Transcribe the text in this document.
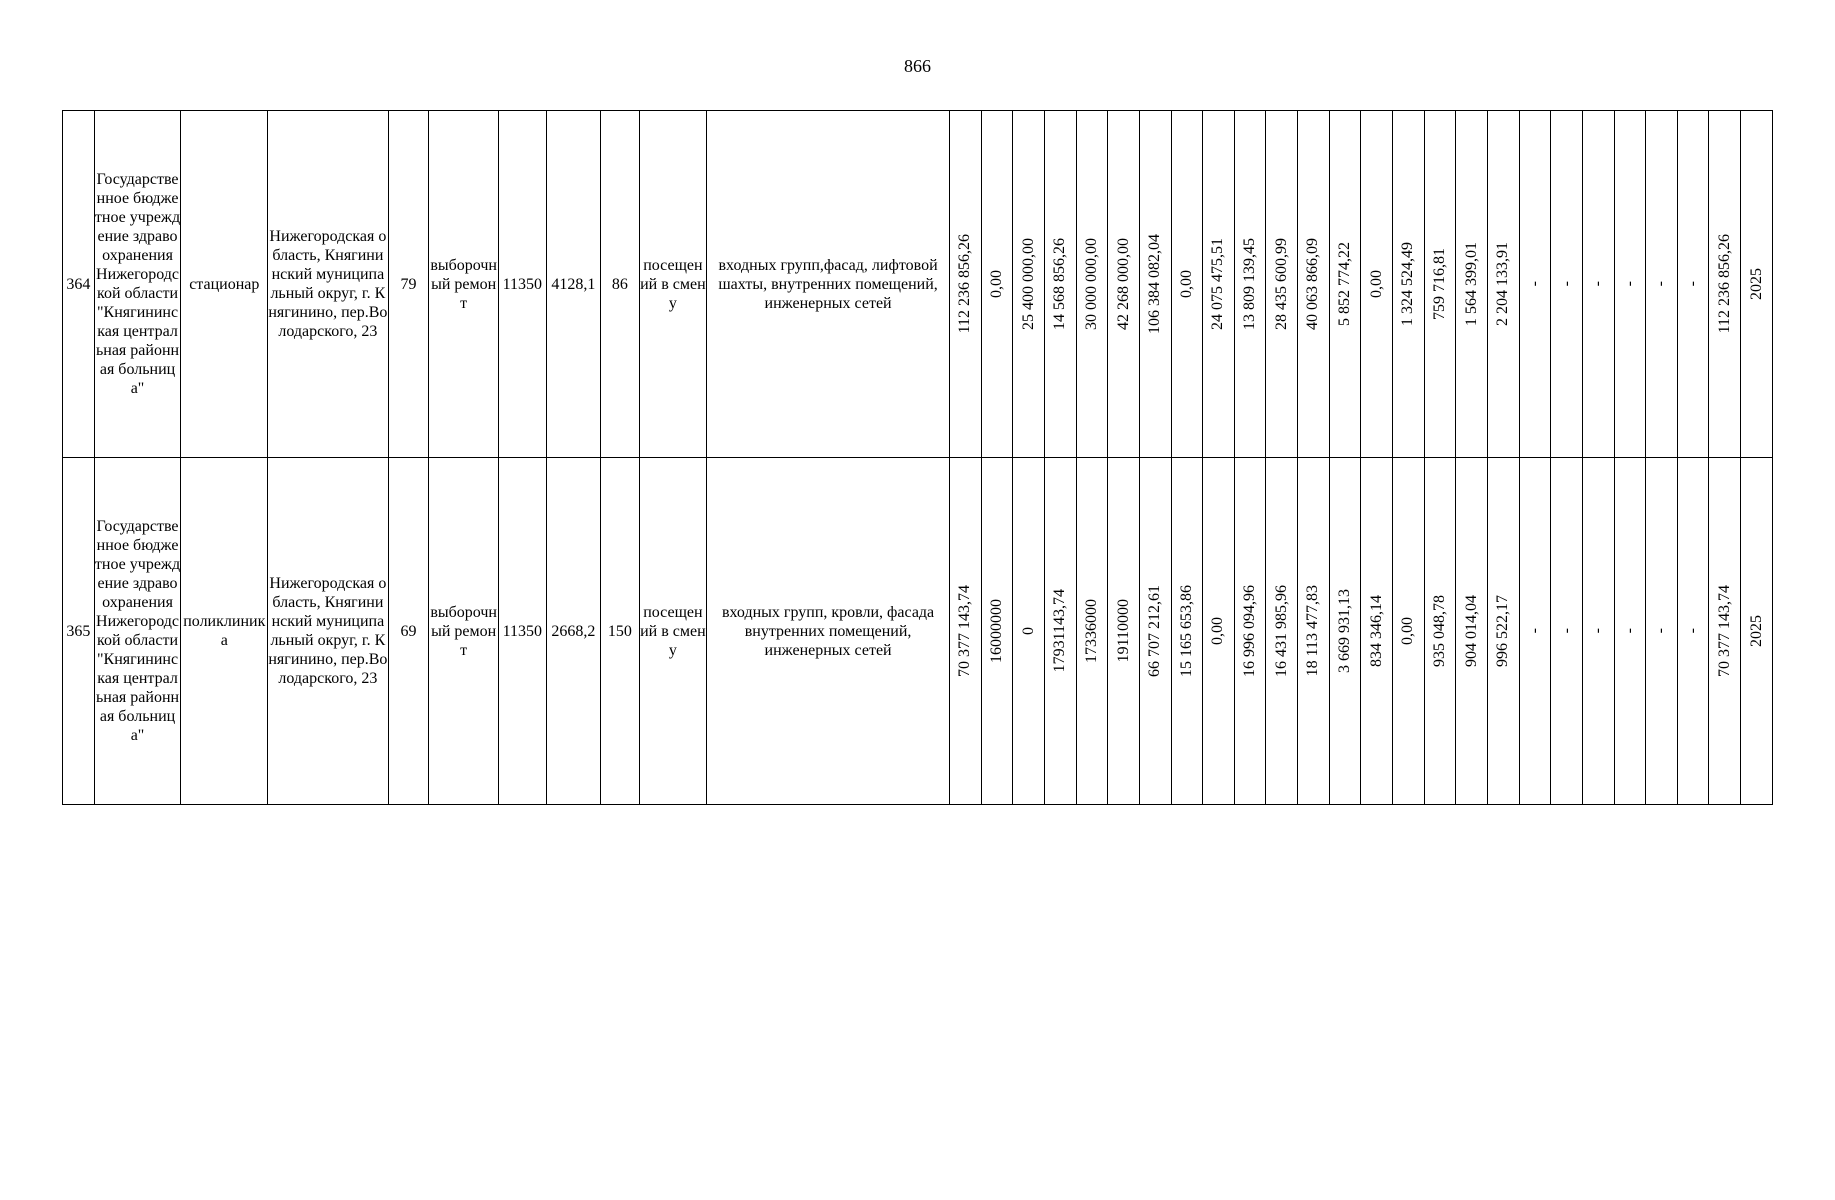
866
364	Государственное бюджетное учреждение здравоохранения Нижегородской области "Княгининская центральная районная больница"	стационар	Нижегородская область, Княгининский муниципальный округ, г. Княгинино, пер.Володарского, 23	79	выборочный ремонт	11350	4128,1	86	посещений в смену	входных групп,фасад, лифтовой шахты, внутренних помещений, инженерных сетей	112 236 856,26	0,00	25 400 000,00	14 568 856,26	30 000 000,00	42 268 000,00	106 384 082,04	0,00	24 075 475,51	13 809 139,45	28 435 600,99	40 063 866,09	5 852 774,22	0,00	1 324 524,49	759 716,81	1 564 399,01	2 204 133,91	-	-	-	-	-	-	112 236 856,26	2025

365	Государственное бюджетное учреждение здравоохранения Нижегородской области "Княгининская центральная районная больница"	поликлиника	Нижегородская область, Княгининский муниципальный округ, г. Княгинино, пер.Володарского, 23	69	выборочный ремонт	11350	2668,2	150	посещений в смену	входных групп, кровли, фасада внутренних помещений, инженерных сетей	70 377 143,74	16000000	0	17931143,74	17336000	19110000	66 707 212,61	15 165 653,86	0,00	16 996 094,96	16 431 985,96	18 113 477,83	3 669 931,13	834 346,14	0,00	935 048,78	904 014,04	996 522,17	-	-	-	-	-	-	70 377 143,74	2025
